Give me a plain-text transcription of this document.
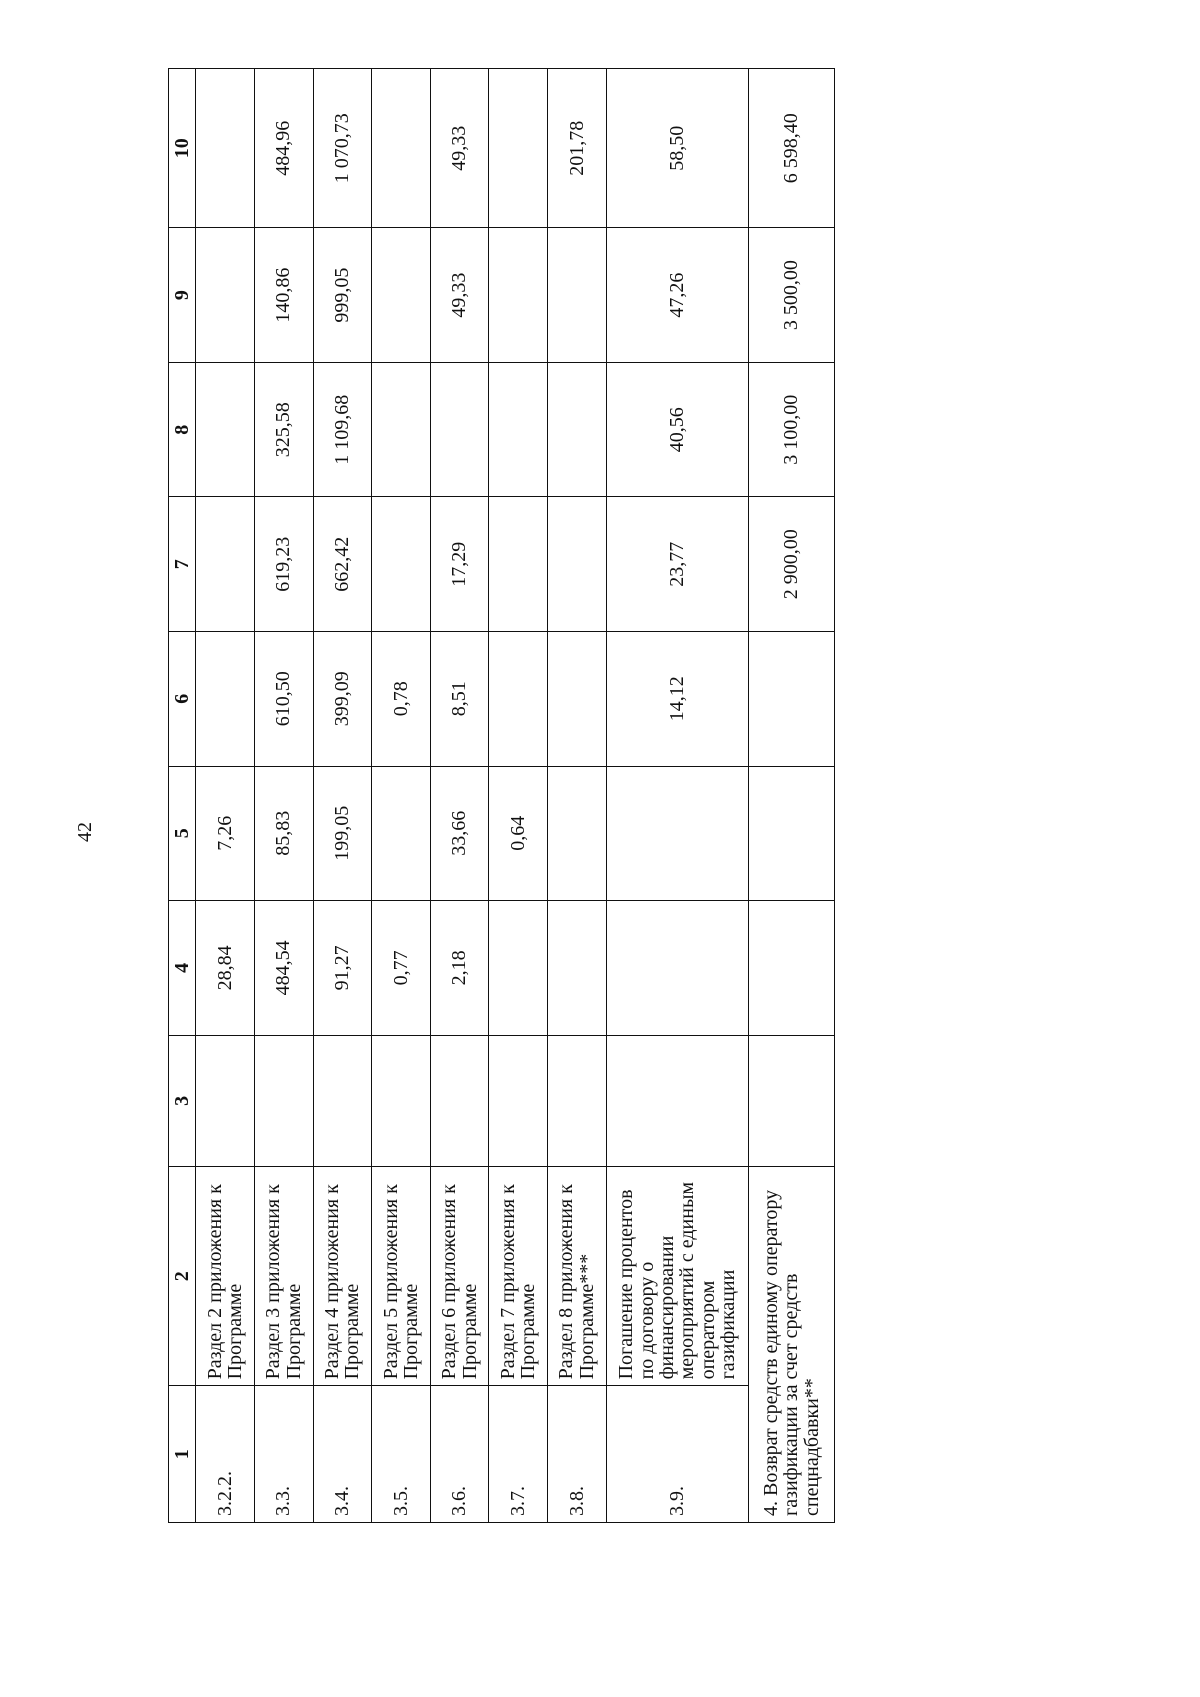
42
1	2	3	4	5	6	7	8	9	10
3.2.2.	Раздел 2 приложения к Программе		28,84	7,26					
3.3.	Раздел 3 приложения к Программе		484,54	85,83	610,50	619,23	325,58	140,86	484,96
3.4.	Раздел 4 приложения к Программе		91,27	199,05	399,09	662,42	1 109,68	999,05	1 070,73
3.5.	Раздел 5 приложения к Программе		0,77		0,78				
3.6.	Раздел 6 приложения к Программе		2,18	33,66	8,51	17,29		49,33	49,33
3.7.	Раздел 7 приложения к Программе			0,64					
3.8.	Раздел 8 приложения к Программе***								201,78
3.9.	Погашение процентов по договору о финансировании мероприятий с единым оператором газификации				14,12	23,77	40,56	47,26	58,50
4. Возврат средств единому оператору газификации за счет средств спецнадбавки**						2 900,00	3 100,00	3 500,00	6 598,40
